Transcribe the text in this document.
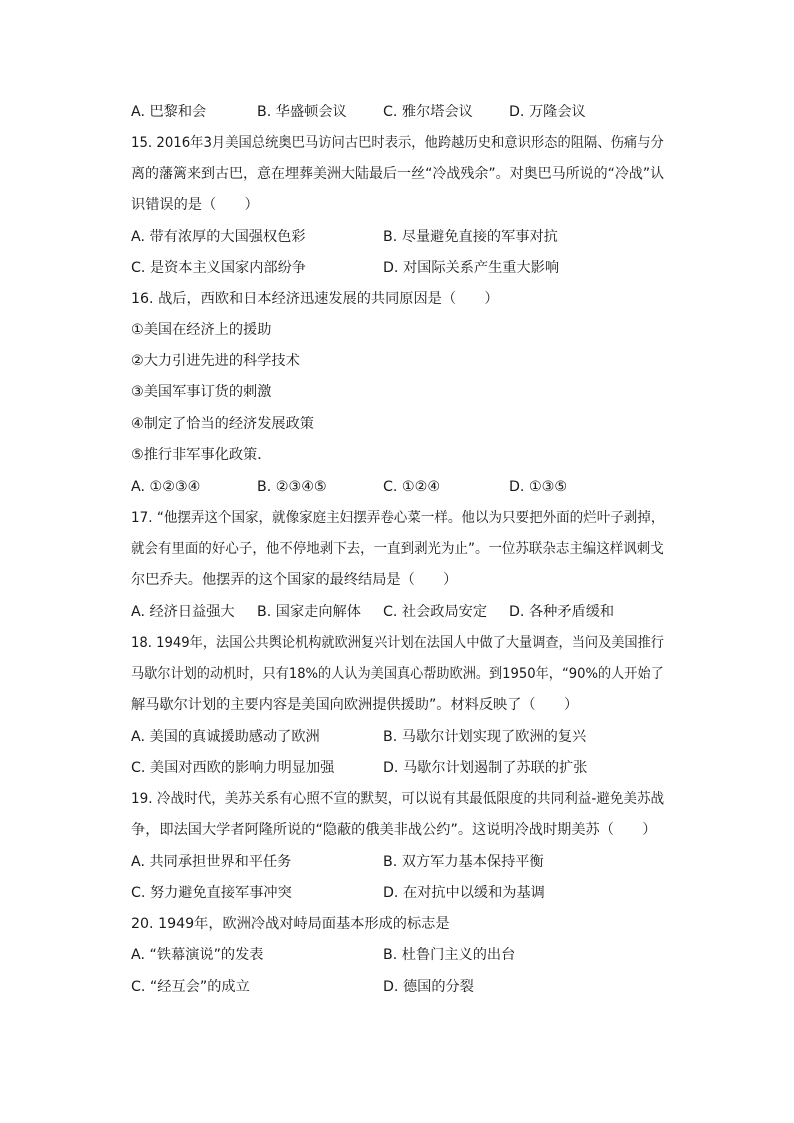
A. 巴黎和会	B. 华盛顿会议	C. 雅尔塔会议	D. 万隆会议
15. 2016年3月美国总统奥巴马访问古巴时表示，他跨越历史和意识形态的阻隔、伤痛与分
离的藩篱来到古巴，意在埋葬美洲大陆最后一丝“冷战残余”。对奥巴马所说的“冷战”认
识错误的是（　　）
A. 带有浓厚的大国强权色彩	B. 尽量避免直接的军事对抗
C. 是资本主义国家内部纷争	D. 对国际关系产生重大影响
16. 战后，西欧和日本经济迅速发展的共同原因是（　　）
①美国在经济上的援助
②大力引进先进的科学技术
③美国军事订货的刺激
④制定了恰当的经济发展政策
⑤推行非军事化政策．
A. ①②③④	B. ②③④⑤	C. ①②④	D. ①③⑤
17. “他摆弄这个国家，就像家庭主妇摆弄卷心菜一样。他以为只要把外面的烂叶子剥掉，
就会有里面的好心子，他不停地剥下去，一直到剥光为止”。一位苏联杂志主编这样讽刺戈
尔巴乔夫。他摆弄的这个国家的最终结局是（　　）
A. 经济日益强大 B. 国家走向解体 C. 社会政局安定 D. 各种矛盾缓和
18. 1949年，法国公共舆论机构就欧洲复兴计划在法国人中做了大量调查，当问及美国推行
马歇尔计划的动机时，只有18%的人认为美国真心帮助欧洲。到1950年，“90%的人开始了
解马歇尔计划的主要内容是美国向欧洲提供援助”。材料反映了（　　）
A. 美国的真诚援助感动了欧洲	B. 马歇尔计划实现了欧洲的复兴
C. 美国对西欧的影响力明显加强	D. 马歇尔计划遏制了苏联的扩张
19. 冷战时代，美苏关系有心照不宣的默契，可以说有其最低限度的共同利益-避免美苏战
争，即法国大学者阿隆所说的“隐蔽的俄美非战公约”。这说明冷战时期美苏（　　）
A. 共同承担世界和平任务	B. 双方军力基本保持平衡
C. 努力避免直接军事冲突	D. 在对抗中以缓和为基调
20. 1949年，欧洲冷战对峙局面基本形成的标志是
A. “铁幕演说”的发表	B. 杜鲁门主义的出台
C. “经互会”的成立	D. 德国的分裂
